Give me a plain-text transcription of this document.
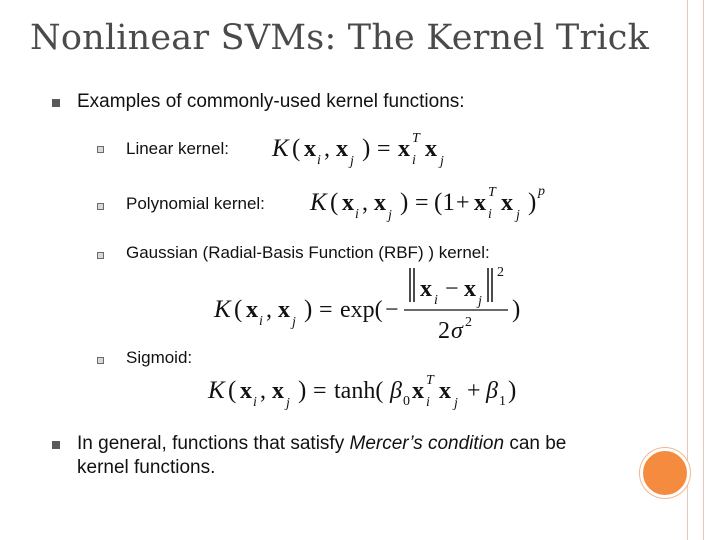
Nonlinear SVMs: The Kernel Trick
Examples of commonly-used kernel functions:
Linear kernel: K ( x i , x j ) = x T
i x j
Polynomial kernel: K ( x i , x j ) = (1 + x T
i x j ) p
Gaussian (Radial-Basis Function (RBF) ) kernel:
K ( x i , x j ) = exp( −
x i − x j
2
2 σ 2 )
Sigmoid:
K ( x i , x j ) = tanh( β 0 x T
i x j + β 1 )
In general, functions that satisfy Mercer’s condition can be
kernel functions.
